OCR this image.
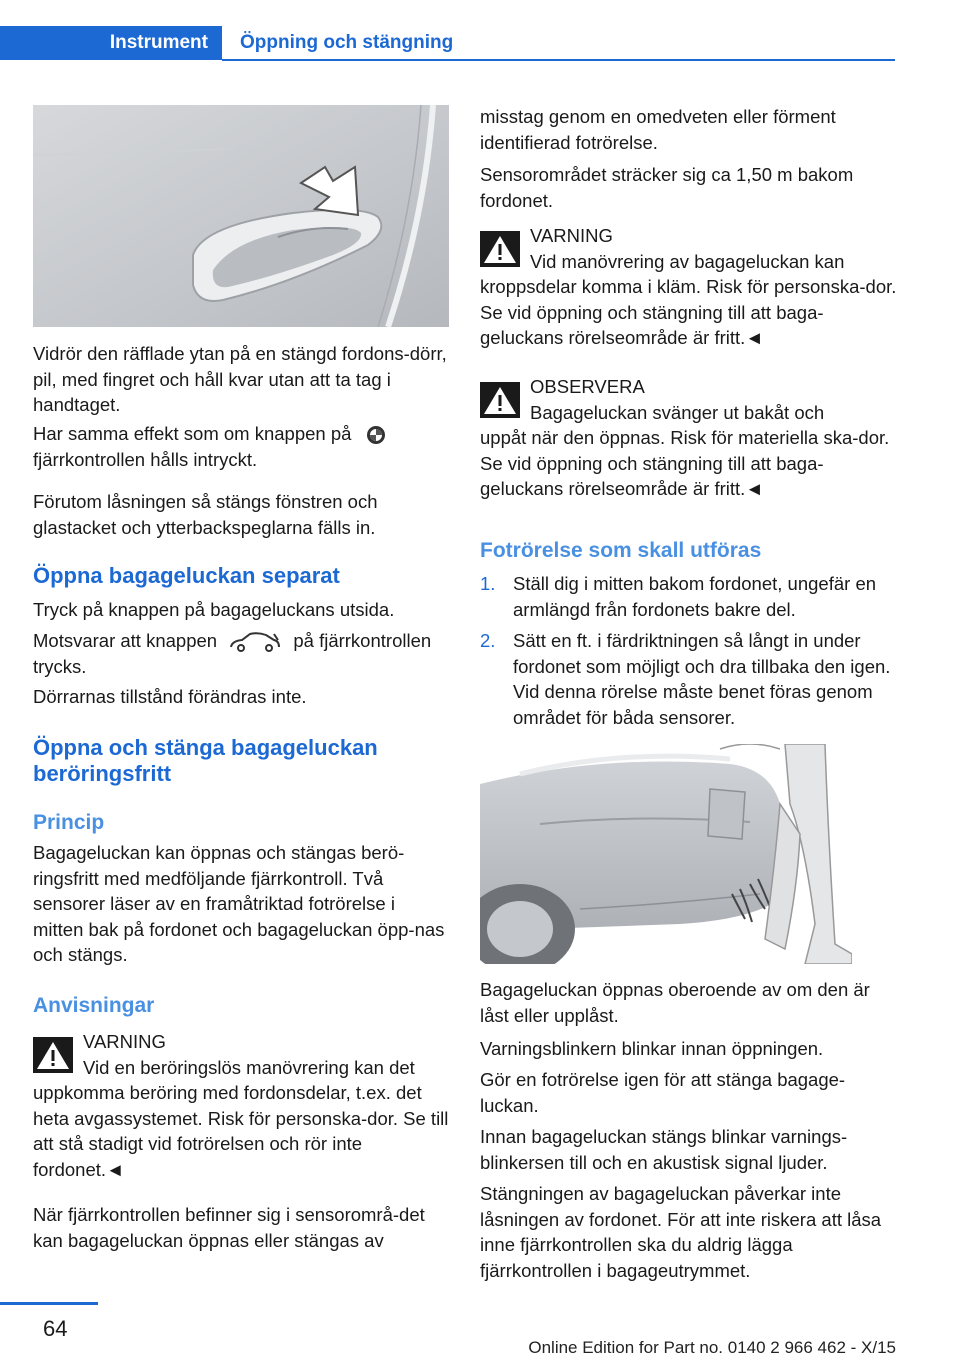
Instrument	Öppning och stängning

Vidrör den räfflade ytan på en stängd fordons-dörr, pil, med fingret och håll kvar utan att ta tag i handtaget.

Har samma effekt som om knappen på
fjärrkontrollen hålls intryckt.

Förutom låsningen så stängs fönstren och glastacket och ytterbackspeglarna fälls in.

Öppna bagageluckan separat

Tryck på knappen på bagageluckans utsida.

Motsvarar att knappen	på fjärrkontrollen trycks.

Dörrarnas tillstånd förändras inte.

Öppna och stänga bagageluckan
beröringsfritt
Princip

Bagageluckan kan öppnas och stängas berö-ringsfritt med medföljande fjärrkontroll. Två sensorer läser av en framåtriktad fotrörelse i mitten bak på fordonet och bagageluckan öpp-nas och stängs.

Anvisningar

VARNING

Vid en beröringslös manövrering kan det

uppkomma beröring med fordonsdelar, t.ex. det heta avgassystemet. Risk för personska-dor. Se till att stå stadigt vid fotrörelsen och rör inte fordonet.◄

När fjärrkontrollen befinner sig i sensorområ-det kan bagageluckan öppnas eller stängas av

misstag genom en omedveten eller förment identifierad fotrörelse.

Sensorområdet sträcker sig ca 1,50 m bakom fordonet.

VARNING

Vid manövrering av bagageluckan kan

kroppsdelar komma i kläm. Risk för personska-dor. Se vid öppning och stängning till att baga-geluckans rörelseområde är fritt.◄

OBSERVERA

Bagageluckan svänger ut bakåt och

uppåt när den öppnas. Risk för materiella ska-dor. Se vid öppning och stängning till att baga-geluckans rörelseområde är fritt.◄

Fotrörelse som skall utföras
1. Ställ dig i mitten bakom fordonet, ungefär en armlängd från fordonets bakre del.

2. Sätt en ft. i färdriktningen så långt in under fordonet som möjligt och dra tillbaka den igen. Vid denna rörelse måste benet föras genom området för båda sensorer.

Bagageluckan öppnas oberoende av om den är låst eller upplåst.

Varningsblinkern blinkar innan öppningen.

Gör en fotrörelse igen för att stänga bagage-luckan.

Innan bagageluckan stängs blinkar varnings-blinkersen till och en akustisk signal ljuder.

Stängningen av bagageluckan påverkar inte låsningen av fordonet. För att inte riskera att låsa inne fjärrkontrollen ska du aldrig lägga fjärrkontrollen i bagageutrymmet.

64
Online Edition for Part no. 0140 2 966 462 - X/15
